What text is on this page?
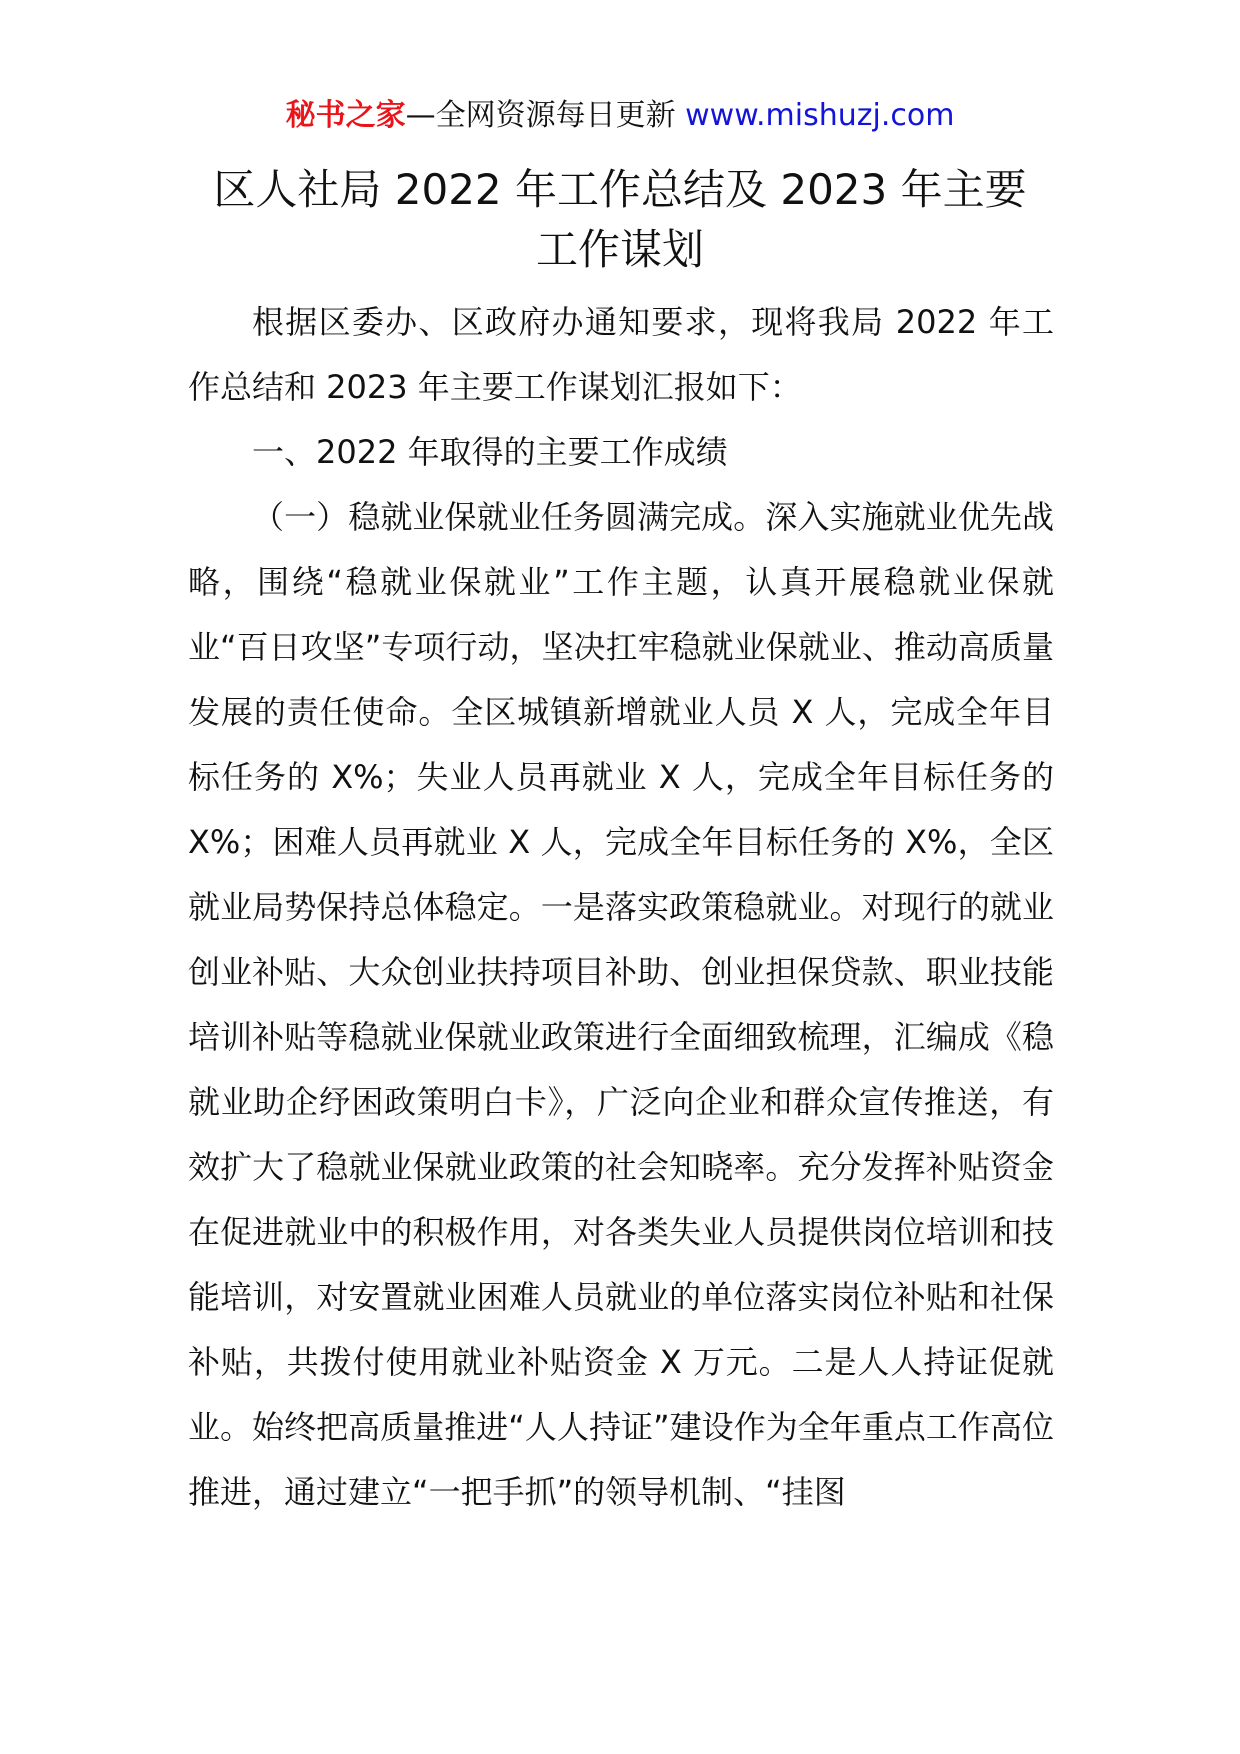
秘书之家—全网资源每日更新 www.mishuzj.com
区人社局 2022 年工作总结及 2023 年主要
工作谋划

根据区委办、区政府办通知要求，现将我局 2022 年工作总结和 2023 年主要工作谋划汇报如下：

一、2022 年取得的主要工作成绩

（一）稳就业保就业任务圆满完成。深入实施就业优先战略，围绕“稳就业保就业”工作主题，认真开展稳就业保就业“百日攻坚”专项行动，坚决扛牢稳就业保就业、推动高质量发展的责任使命。全区城镇新增就业人员 X 人，完成全年目标任务的 X%；失业人员再就业 X 人，完成全年目标任务的 X%；困难人员再就业 X 人，完成全年目标任务的 X%，全区就业局势保持总体稳定。一是落实政策稳就业。对现行的就业创业补贴、大众创业扶持项目补助、创业担保贷款、职业技能培训补贴等稳就业保就业政策进行全面细致梳理，汇编成《稳就业助企纾困政策明白卡》，广泛向企业和群众宣传推送，有效扩大了稳就业保就业政策的社会知晓率。充分发挥补贴资金在促进就业中的积极作用，对各类失业人员提供岗位培训和技能培训，对安置就业困难人员就业的单位落实岗位补贴和社保补贴，共拨付使用就业补贴资金 X 万元。二是人人持证促就业。始终把高质量推进“人人持证”建设作为全年重点工作高位推进，通过建立“一把手抓”的领导机制、“挂图
